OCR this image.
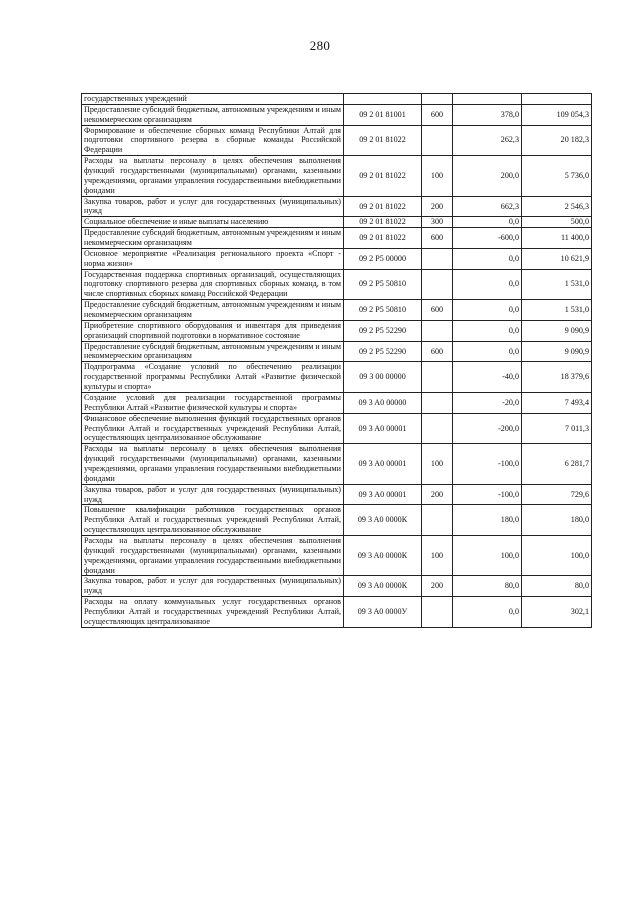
280
государственных учреждений				
Предоставление субсидий бюджетным, автономным учреждениям и иным некоммерческим организациям	09 2 01 81001	600	378,0	109 054,3
Формирование и обеспечение сборных команд Республики Алтай для подготовки спортивного резерва в сборные команды Российской Федерации	09 2 01 81022		262,3	20 182,3
Расходы на выплаты персоналу в целях обеспечения выполнения функций государственными (муниципальными) органами, казенными учреждениями, органами управления государственными внебюджетными фондами	09 2 01 81022	100	200,0	5 736,0
Закупка товаров, работ и услуг для государственных (муниципальных) нужд	09 2 01 81022	200	662,3	2 546,3
Социальное обеспечение и иные выплаты населению	09 2 01 81022	300	0,0	500,0
Предоставление субсидий бюджетным, автономным учреждениям и иным некоммерческим организациям	09 2 01 81022	600	-600,0	11 400,0
Основное мероприятие «Реализация регионального проекта «Спорт - норма жизни»	09 2 P5 00000		0,0	10 621,9
Государственная поддержка спортивных организаций, осуществляющих подготовку спортивного резерва для спортивных сборных команд, в том числе спортивных сборных команд Российской Федерации	09 2 P5 50810		0,0	1 531,0
Предоставление субсидий бюджетным, автономным учреждениям и иным некоммерческим организациям	09 2 P5 50810	600	0,0	1 531,0
Приобретение спортивного оборудования и инвентаря для приведения организаций спортивной подготовки в нормативное состояние	09 2 P5 52290		0,0	9 090,9
Предоставление субсидий бюджетным, автономным учреждениям и иным некоммерческим организациям	09 2 P5 52290	600	0,0	9 090,9
Подпрограмма «Создание условий по обеспечению реализации государственной программы Республики Алтай «Развитие физической культуры и спорта»	09 3 00 00000		-40,0	18 379,6
Создание условий для реализации государственной программы Республики Алтай «Развитие физической культуры и спорта»	09 3 A0 00000		-20,0	7 493,4
Финансовое обеспечение выполнения функций государственных органов Республики Алтай и государственных учреждений Республики Алтай, осуществляющих централизованное обслуживание	09 3 A0 00001		-200,0	7 011,3
Расходы на выплаты персоналу в целях обеспечения выполнения функций государственными (муниципальными) органами, казенными учреждениями, органами управления государственными внебюджетными фондами	09 3 A0 00001	100	-100,0	6 281,7
Закупка товаров, работ и услуг для государственных (муниципальных) нужд	09 3 A0 00001	200	-100,0	729,6
Повышение квалификации работников государственных органов Республики Алтай и государственных учреждений Республики Алтай, осуществляющих централизованное обслуживание	09 3 A0 0000К		180,0	180,0
Расходы на выплаты персоналу в целях обеспечения выполнения функций государственными (муниципальными) органами, казенными учреждениями, органами управления государственными внебюджетными фондами	09 3 A0 0000К	100	100,0	100,0
Закупка товаров, работ и услуг для государственных (муниципальных) нужд	09 3 A0 0000К	200	80,0	80,0
Расходы на оплату коммунальных услуг государственных органов Республики Алтай и государственных учреждений Республики Алтай, осуществляющих централизованное	09 3 A0 0000У		0,0	302,1
